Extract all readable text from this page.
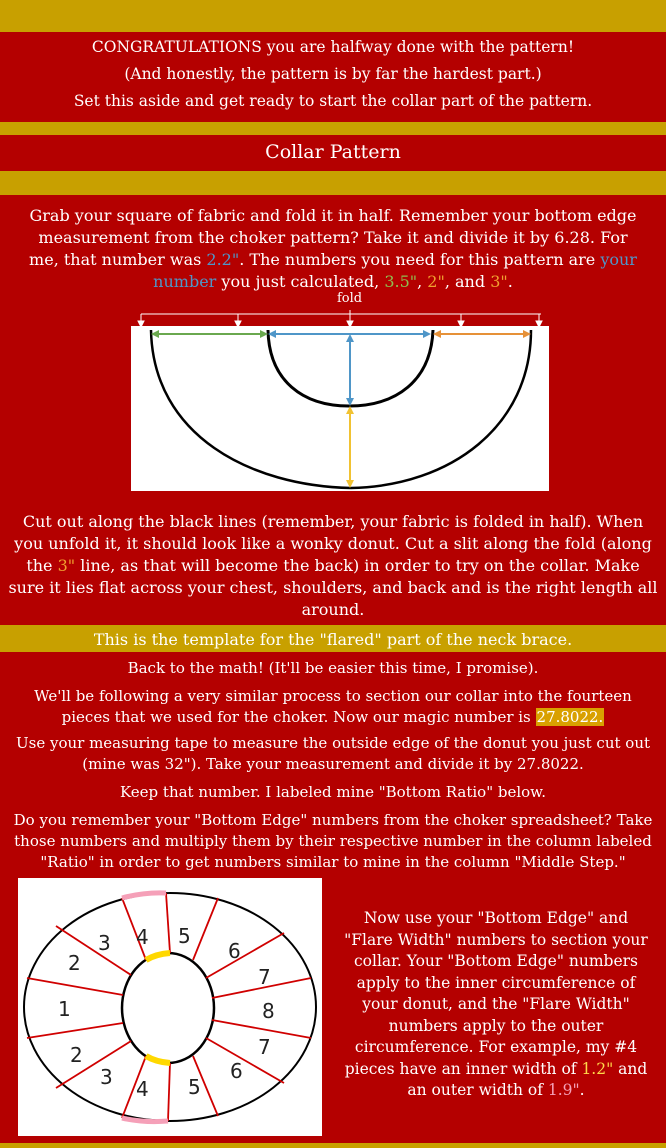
CONGRATULATIONS you are halfway done with the pattern!

(And honestly, the pattern is by far the hardest part.)

Set this aside and get ready to start the collar part of the pattern.

Collar Pattern

Grab your square of fabric and fold it in half. Remember your bottom edge measurement from the choker pattern? Take it and divide it by 6.28. For me, that number was 2.2". The numbers you need for this pattern are your number you just calculated, 3.5", 2", and 3".

fold

Cut out along the black lines (remember, your fabric is folded in half). When you unfold it, it should look like a wonky donut. Cut a slit along the fold (along the 3" line, as that will become the back) in order to try on the collar. Make sure it lies flat across your chest, shoulders, and back and is the right length all around.

This is the template for the "flared" part of the neck brace.

Back to the math! (It'll be easier this time, I promise).

We'll be following a very similar process to section our collar into the fourteen pieces that we used for the choker. Now our magic number is 27.8022.

Use your measuring tape to measure the outside edge of the donut you just cut out (mine was 32"). Take your measurement and divide it by 27.8022.

Keep that number. I labeled mine "Bottom Ratio" below.

Do you remember your "Bottom Edge" numbers from the choker spreadsheet? Take those numbers and multiply them by their respective number in the column labeled "Ratio" in order to get numbers similar to mine in the column "Middle Step."

1
2
3 4 5
6
7
8
7
6
5
4
3
2

Now use your "Bottom Edge" and "Flare Width" numbers to section your collar. Your "Bottom Edge" numbers apply to the inner circumference of your donut, and the "Flare Width" numbers apply to the outer circumference. For example, my #4 pieces have an inner width of 1.2" and an outer width of 1.9".
